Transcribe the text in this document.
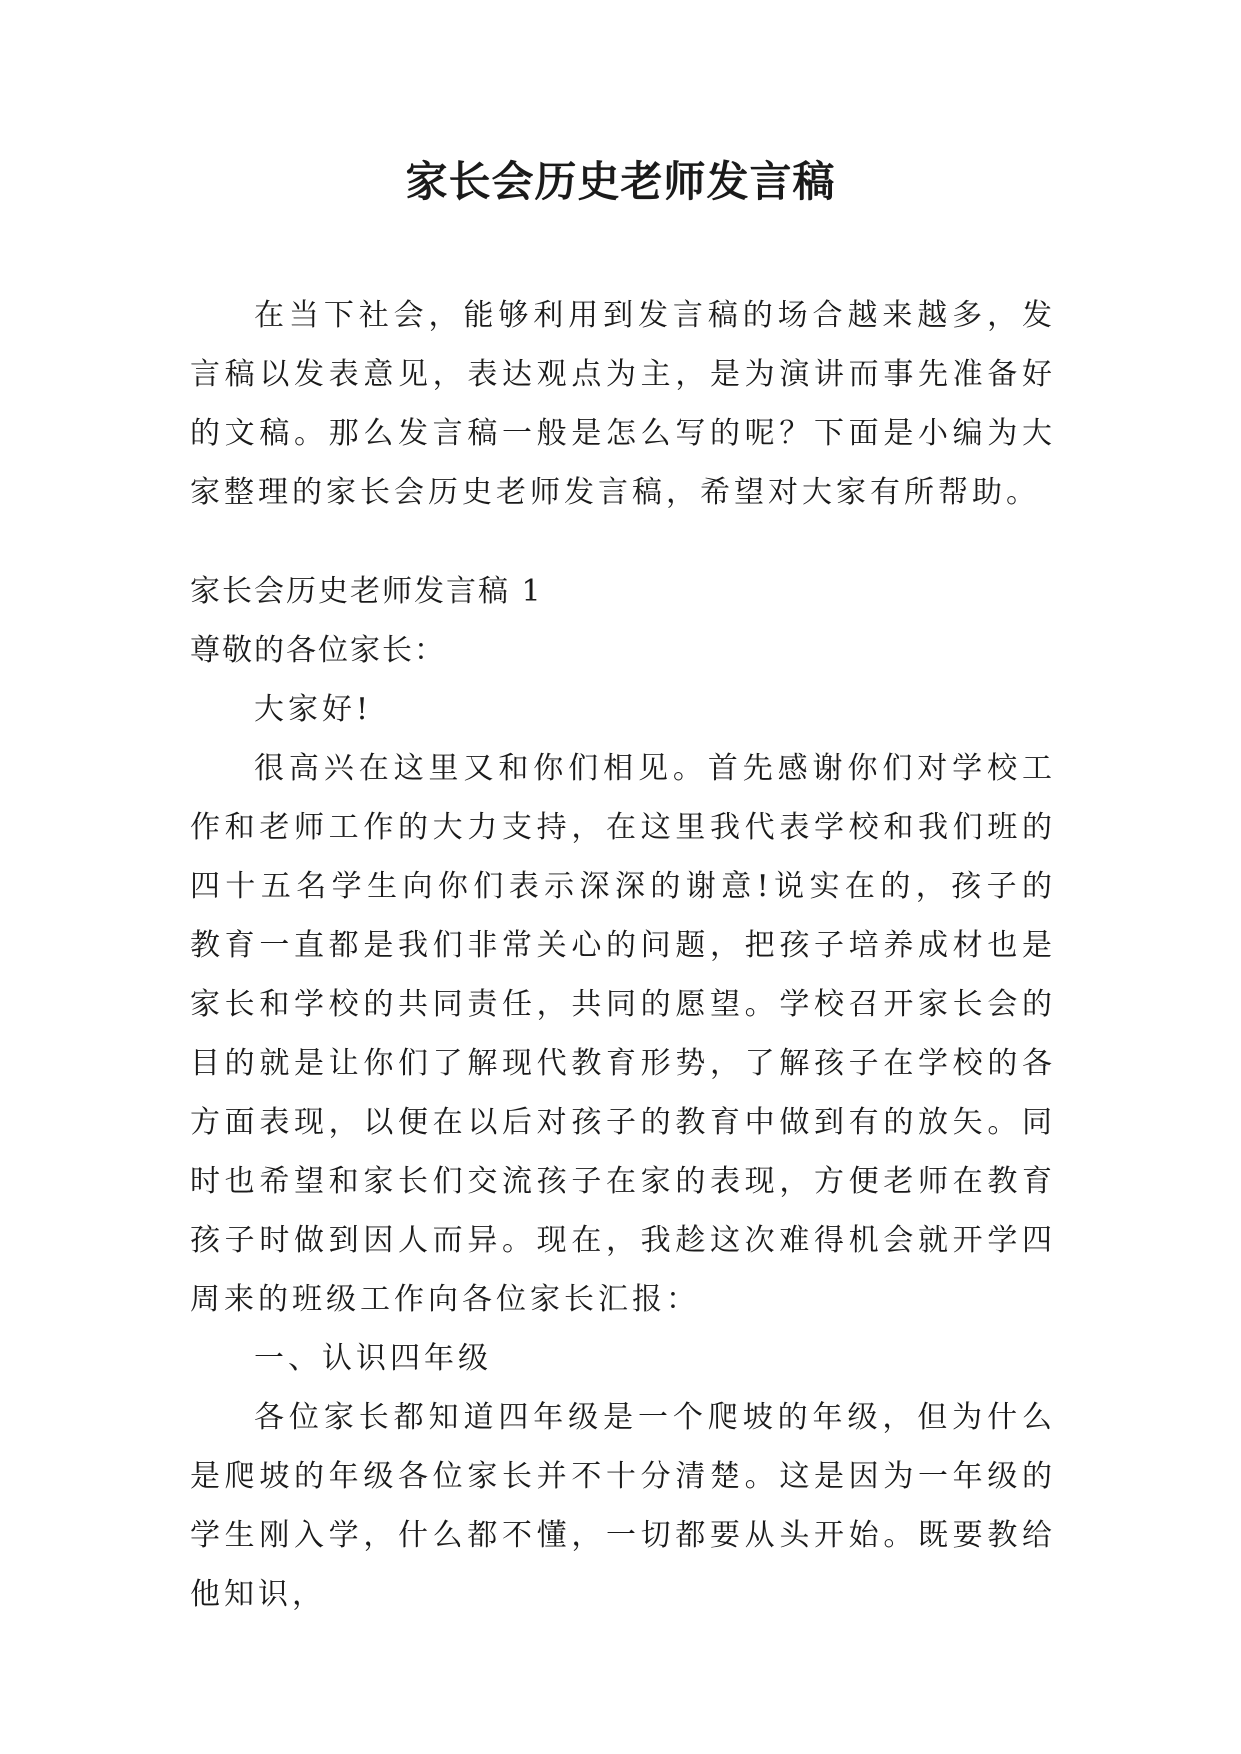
家长会历史老师发言稿

在当下社会，能够利用到发言稿的场合越来越多，发言稿以发表意见，表达观点为主，是为演讲而事先准备好的文稿。那么发言稿一般是怎么写的呢？下面是小编为大家整理的家长会历史老师发言稿，希望对大家有所帮助。

家长会历史老师发言稿 1

尊敬的各位家长：

大家好!

很高兴在这里又和你们相见。首先感谢你们对学校工作和老师工作的大力支持，在这里我代表学校和我们班的四十五名学生向你们表示深深的谢意!说实在的，孩子的教育一直都是我们非常关心的问题，把孩子培养成材也是家长和学校的共同责任，共同的愿望。学校召开家长会的目的就是让你们了解现代教育形势，了解孩子在学校的各方面表现，以便在以后对孩子的教育中做到有的放矢。同时也希望和家长们交流孩子在家的表现，方便老师在教育孩子时做到因人而异。现在，我趁这次难得机会就开学四周来的班级工作向各位家长汇报：

一、认识四年级

各位家长都知道四年级是一个爬坡的年级，但为什么是爬坡的年级各位家长并不十分清楚。这是因为一年级的学生刚入学，什么都不懂，一切都要从头开始。既要教给他知识，
